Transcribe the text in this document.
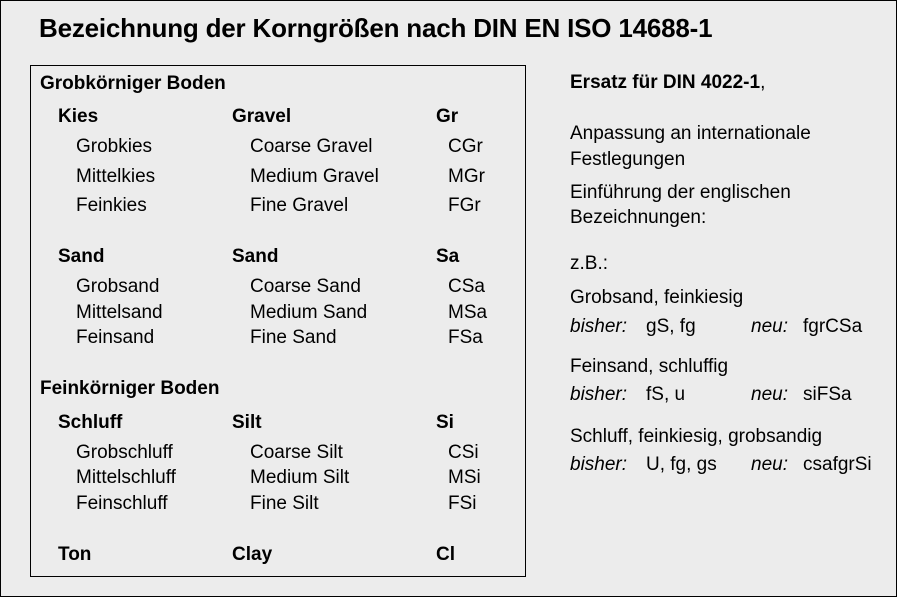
Bezeichnung der Korngrößen nach DIN EN ISO 14688-1
Grobkörniger Boden
Kies	Gravel	Gr
Grobkies	Coarse Gravel	CGr
Mittelkies	Medium Gravel	MGr
Feinkies	Fine Gravel	FGr
Sand	Sand	Sa
Grobsand	Coarse Sand	CSa
Mittelsand	Medium Sand	MSa
Feinsand	Fine Sand	FSa
Feinkörniger Boden
Schluff	Silt	Si
Grobschluff	Coarse Silt	CSi
Mittelschluff	Medium Silt	MSi
Feinschluff	Fine Silt	FSi
Ton	Clay	Cl
Ersatz für DIN 4022-1,
Anpassung an internationale
Festlegungen
Einführung der englischen
Bezeichnungen:
z.B.:
Grobsand, feinkiesig
bisher: gS, fg	neu: fgrCSa
Feinsand, schluffig
bisher: fS, u	neu: siFSa
Schluff, feinkiesig, grobsandig
bisher: U, fg, gs neu: csafgrSi
